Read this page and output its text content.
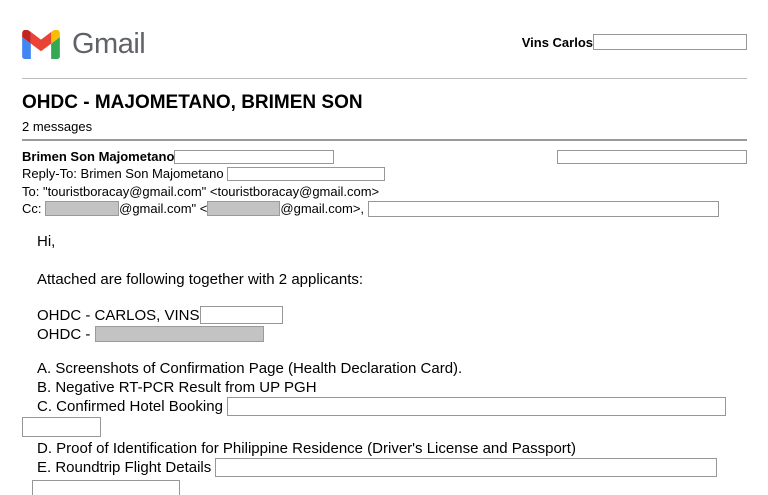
Gmail	Vins Carlos
OHDC - MAJOMETANO, BRIMEN SON
2 messages
Brimen Son Majometano
Reply-To: Brimen Son Majometano
To: "touristboracay@gmail.com" <touristboracay@gmail.com>
Cc:	@gmail.com" <	@gmail.com>,
Hi,
Attached are following together with 2 applicants:
OHDC - CARLOS, VINS
OHDC -
A. Screenshots of Confirmation Page (Health Declaration Card).
B. Negative RT-PCR Result from UP PGH
C. Confirmed Hotel Booking
D. Proof of Identification for Philippine Residence (Driver's License and Passport)
E. Roundtrip Flight Details
